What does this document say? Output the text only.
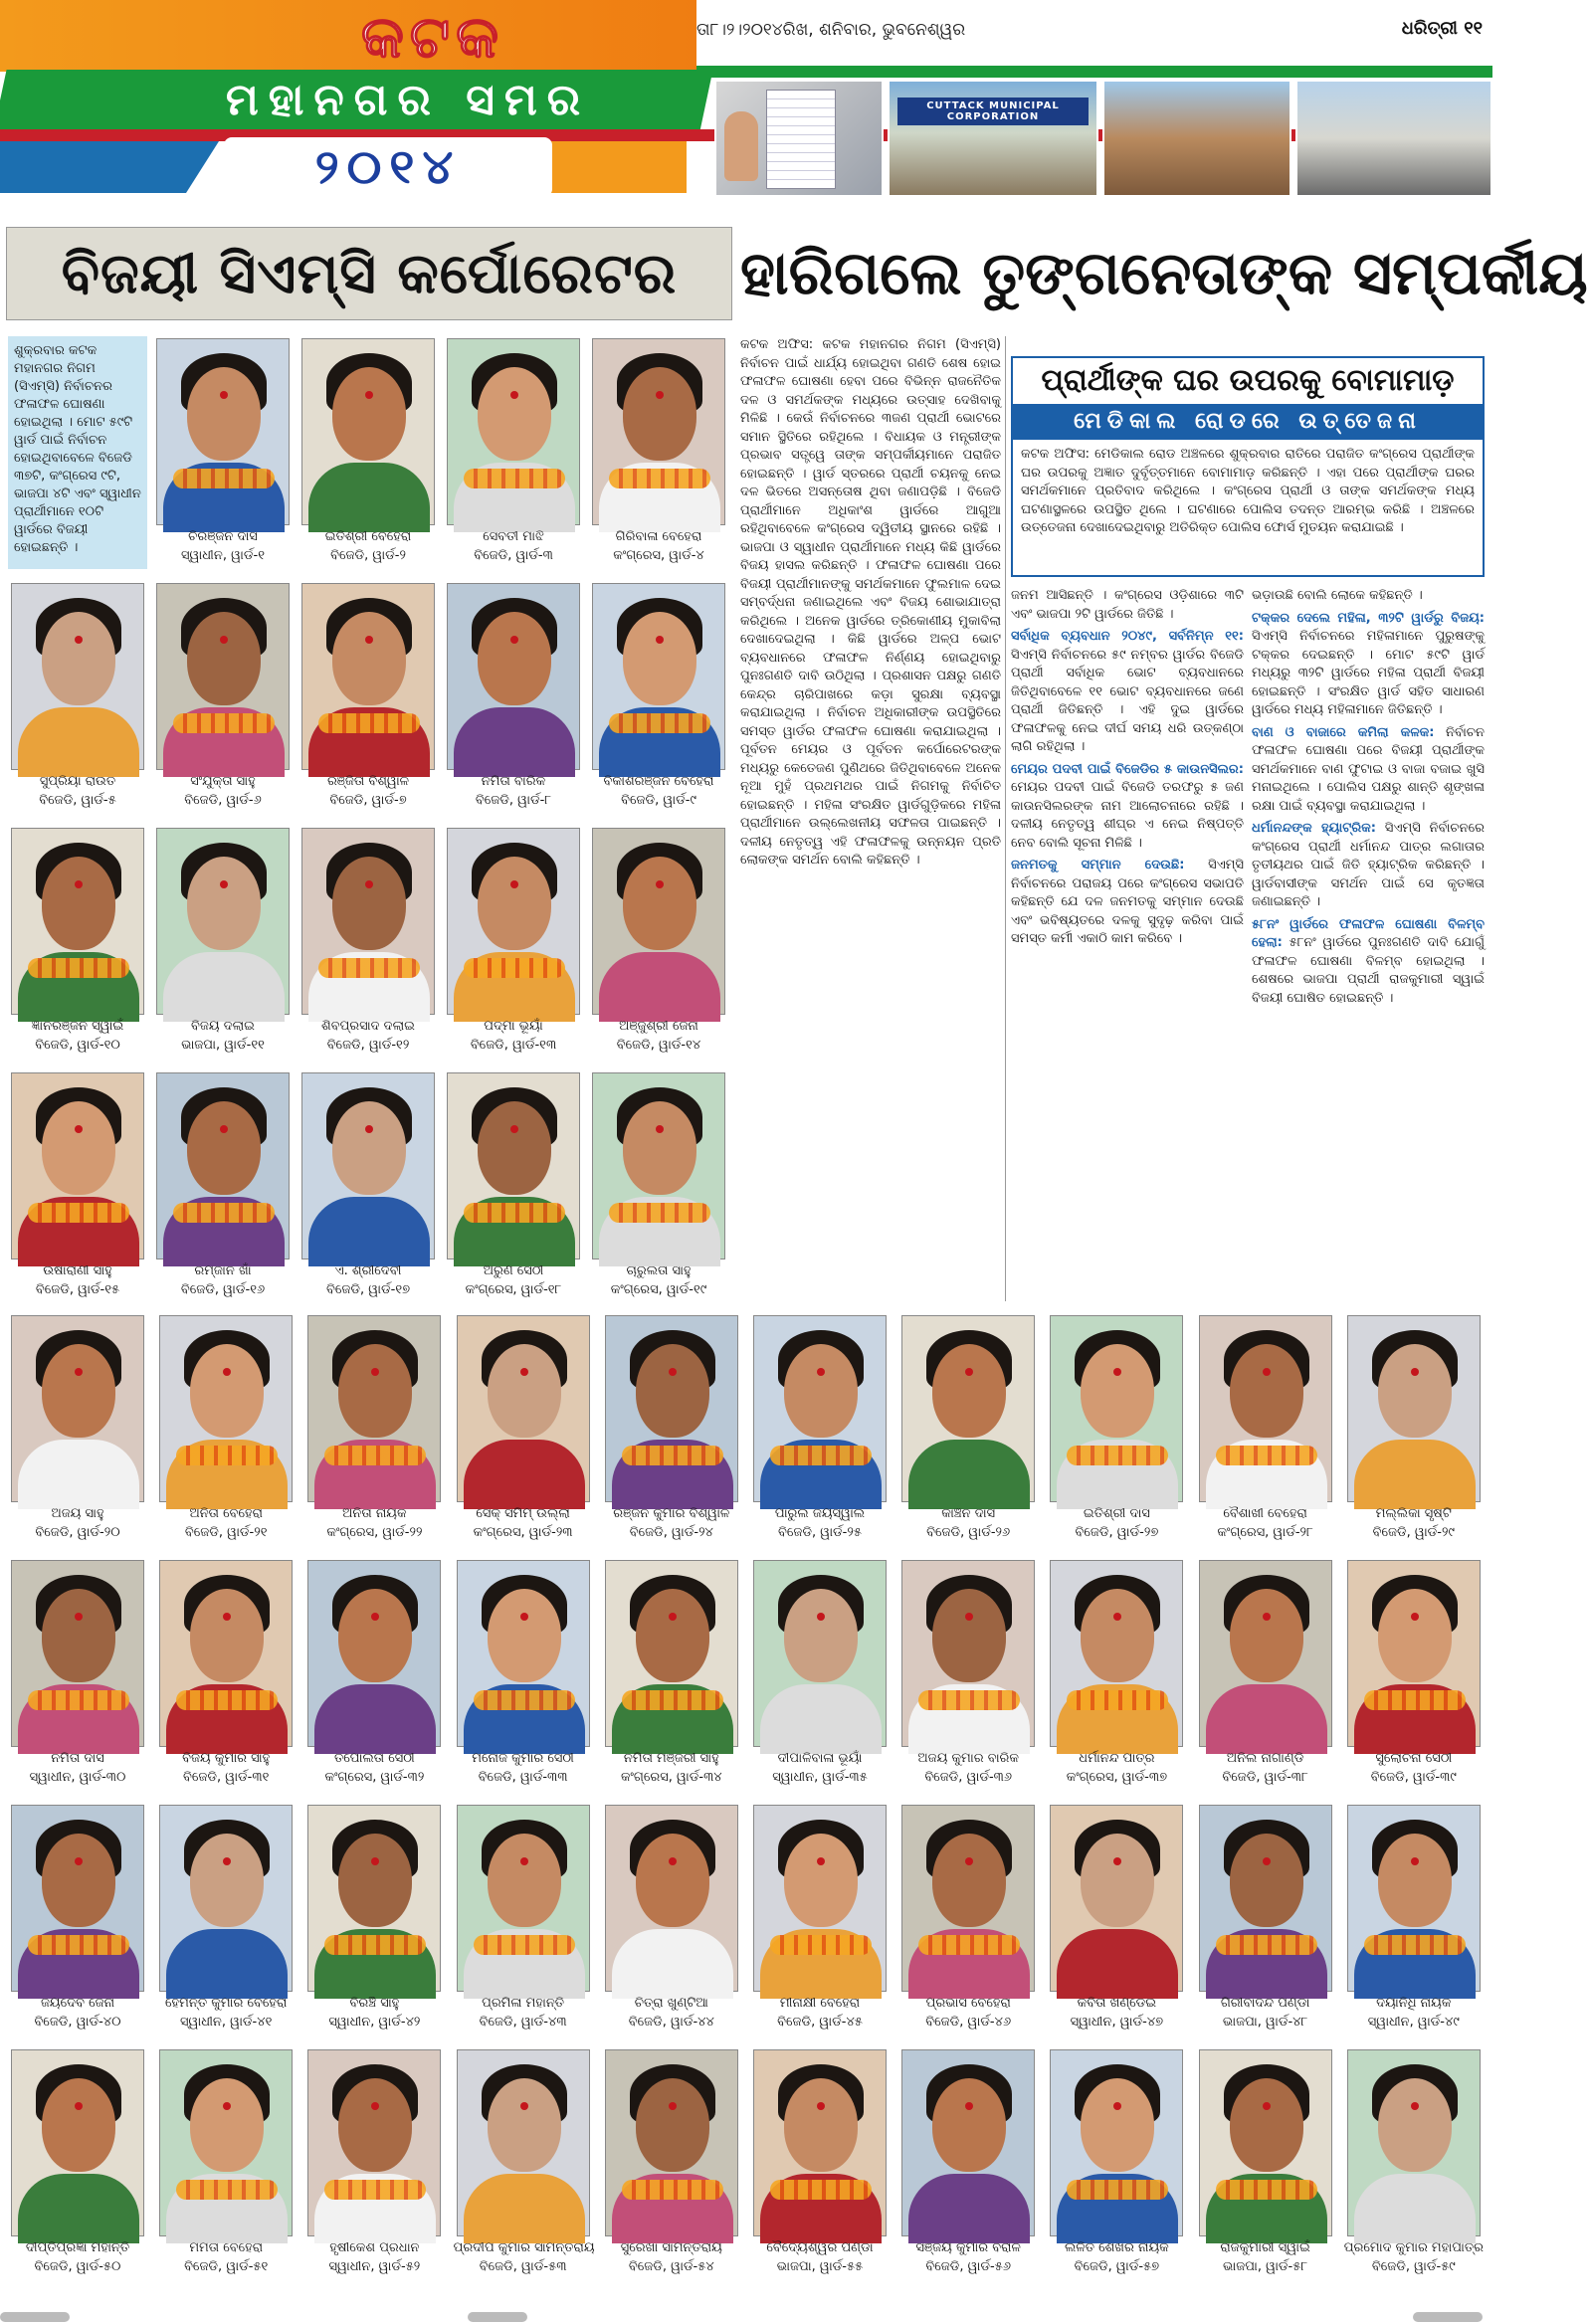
କଟକ
ମହାନଗର ସମର
୨୦୧୪
ତା୮।୨।୨୦୧୪ରିଖ, ଶନିବାର, ଭୁବନେଶ୍ୱର	ଧରିତ୍ରୀ ୧୧
CUTTACK MUNICIPAL CORPORATION
ବିଜୟୀ ସିଏମ୍‌ସି କର୍ପୋରେଟର	ହାରିଗଲେ ତୁଙ୍ଗନେତାଙ୍କ ସମ୍ପର୍କୀୟ
ଶୁକ୍ରବାର କଟକ ମହାନଗର ନିଗମ (ସିଏମ୍‌ସି) ନିର୍ବାଚନର ଫଳାଫଳ ଘୋଷଣା ହୋଇଥିଲା । ମୋଟ ୫୯ଟି ୱାର୍ଡ ପାଇଁ ନିର୍ବାଚନ ହୋଇଥିବାବେଳେ ବିଜେଡି ୩୭ଟି, କଂଗ୍ରେସ ୯ଟି, ଭାଜପା ୪ଟି ଏବଂ ସ୍ୱାଧୀନ ପ୍ରାର୍ଥୀମାନେ ୧୦ଟି ୱାର୍ଡରେ ବିଜୟୀ ହୋଇଛନ୍ତି ।
ଚିରଞ୍ଜନ ଦାସ
ସ୍ୱାଧୀନ, ୱାର୍ଡ-୧
ଇତିଶ୍ରୀ ବେହେରା
ବିଜେଡି, ୱାର୍ଡ-୨
ସେବତୀ ମାଝି
ବିଜେଡି, ୱାର୍ଡ-୩
ଗିରିବାଳା ବେହେରା
କଂଗ୍ରେସ, ୱାର୍ଡ-୪
ସୁପ୍ରିୟା ରାଉତ
ବିଜେଡି, ୱାର୍ଡ-୫
ସଂଯୁକ୍ତା ସାହୁ
ବିଜେଡି, ୱାର୍ଡ-୬
ରଞ୍ଜିତା ବିଶ୍ୱାଳ
ବିଜେଡି, ୱାର୍ଡ-୭
ନମିତା ବାରିକ
ବିଜେଡି, ୱାର୍ଡ-୮
ବିକାଶରଞ୍ଜନ ବେହେରା
ବିଜେଡି, ୱାର୍ଡ-୯
ଜ୍ଞାନରଞ୍ଜନ ସ୍ୱାଇଁ
ବିଜେଡି, ୱାର୍ଡ-୧୦
ବିଜୟ ଦଲାଇ
ଭାଜପା, ୱାର୍ଡ-୧୧
ଶିବପ୍ରସାଦ ଦଲାଇ
ବିଜେଡି, ୱାର୍ଡ-୧୨
ପଦ୍ମା ଭୂୟାଁ
ବିଜେଡି, ୱାର୍ଡ-୧୩
ଅଞ୍ଜୁଶ୍ରୀ ଜେନା
ବିଜେଡି, ୱାର୍ଡ-୧୪
ଉଷାରାଣୀ ସାହୁ
ବିଜେଡି, ୱାର୍ଡ-୧୫
ରମ୍‌ଜାନ ଖାଁ
ବିଜେଡି, ୱାର୍ଡ-୧୬
ଏ. ଶ୍ରୀଦେବୀ
ବିଜେଡି, ୱାର୍ଡ-୧୭
ଅରୁଣ ସେଠୀ
କଂଗ୍ରେସ, ୱାର୍ଡ-୧୮
ଚାରୁଲତା ସାହୁ
କଂଗ୍ରେସ, ୱାର୍ଡ-୧୯
ଅଜୟ ସାହୁ
ବିଜେଡି, ୱାର୍ଡ-୨୦
ଅନିତା ବେହେରା
ବିଜେଡି, ୱାର୍ଡ-୨୧
ଅନିତା ନାୟକ
କଂଗ୍ରେସ, ୱାର୍ଡ-୨୨
ସେକ୍ ସମିମ୍ ଉଲ୍ଲା
କଂଗ୍ରେସ, ୱାର୍ଡ-୨୩
ରଞ୍ଜନ କୁମାର ବିଶ୍ୱାଳ
ବିଜେଡି, ୱାର୍ଡ-୨୪
ପାରୁଲ ଜୟସ୍ୱାଲ
ବିଜେଡି, ୱାର୍ଡ-୨୫
କାଞ୍ଚନ ଦାସ
ବିଜେଡି, ୱାର୍ଡ-୨୬
ଇତିଶ୍ରୀ ଦାସ
ବିଜେଡି, ୱାର୍ଡ-୨୭
ବୈଶାଖୀ ବେହେରା
କଂଗ୍ରେସ, ୱାର୍ଡ-୨୮
ମଲ୍ଲିକା ସୃଷ୍ଟି
ବିଜେଡି, ୱାର୍ଡ-୨୯
ନମିତା ଦାସ
ସ୍ୱାଧୀନ, ୱାର୍ଡ-୩୦
ବିଜୟ କୁମାର ସାହୁ
ବିଜେଡି, ୱାର୍ଡ-୩୧
ତପୋଲତା ସେଠୀ
କଂଗ୍ରେସ, ୱାର୍ଡ-୩୨
ମନୋଜ କୁମାର ସେଠୀ
ବିଜେଡି, ୱାର୍ଡ-୩୩
ନମିତା ମଞ୍ଜରୀ ସାହୁ
କଂଗ୍ରେସ, ୱାର୍ଡ-୩୪
ଦୀପାଳିବାଳା ଭୂୟାଁ
ସ୍ୱାଧୀନ, ୱାର୍ଡ-୩୫
ଅଜୟ କୁମାର ବାରିକ
ବିଜେଡି, ୱାର୍ଡ-୩୬
ଧର୍ମାନନ୍ଦ ପାତ୍ର
କଂଗ୍ରେସ, ୱାର୍ଡ-୩୭
ଅନିଲ ନାଗାଣ୍ଡି
ବିଜେଡି, ୱାର୍ଡ-୩୮
ସୁଲୋଚନା ସେଠୀ
ବିଜେଡି, ୱାର୍ଡ-୩୯
ଜୟଦେବ ଜେନା
ବିଜେଡି, ୱାର୍ଡ-୪୦
ହେମନ୍ତ କୁମାର ବେହେରା
ସ୍ୱାଧୀନ, ୱାର୍ଡ-୪୧
ବିରଞ୍ଚି ସାହୁ
ସ୍ୱାଧୀନ, ୱାର୍ଡ-୪୨
ପ୍ରମିଳା ମହାନ୍ତି
ବିଜେଡି, ୱାର୍ଡ-୪୩
ଚିତ୍ରା ଖୁଣ୍ଟିଆ
ବିଜେଡି, ୱାର୍ଡ-୪୪
ମୀନାକ୍ଷୀ ବେହେରା
ବିଜେଡି, ୱାର୍ଡ-୪୫
ପ୍ରଭାସ ବେହେରା
ବିଜେଡି, ୱାର୍ଡ-୪୬
କବିତା ଖଣ୍ଡେଇ
ସ୍ୱାଧୀନ, ୱାର୍ଡ-୪୭
ଗିରୀବାଦନ୍ଦ ପଣ୍ଡା
ଭାଜପା, ୱାର୍ଡ-୪୮
ଦୟାନିଧି ନାୟକ
ସ୍ୱାଧୀନ, ୱାର୍ଡ-୪୯
ଦୀପ୍ତିପ୍ରଜ୍ଞା ମହାନ୍ତି
ବିଜେଡି, ୱାର୍ଡ-୫୦
ମମତା ବେହେରା
ବିଜେଡି, ୱାର୍ଡ-୫୧
ହୃଷୀକେଶ ପ୍ରଧାନ
ସ୍ୱାଧୀନ, ୱାର୍ଡ-୫୨
ପ୍ରଦୀପ କୁମାର ସାମନ୍ତରାୟ
ବିଜେଡି, ୱାର୍ଡ-୫୩
ସୁରେଖା ସାମନ୍ତରାୟ
ବିଜେଡି, ୱାର୍ଡ-୫୪
ବୈଦ୍ୟେଶ୍ୱର ପଣ୍ଡା
ଭାଜପା, ୱାର୍ଡ-୫୫
ସଞ୍ଜୟ କୁମାର ବରାଳ
ବିଜେଡି, ୱାର୍ଡ-୫୬
ଲଳିତ ଶେଖର ନାୟକ
ବିଜେଡି, ୱାର୍ଡ-୫୭
ରାଜକୁମାରୀ ସ୍ୱାଇଁ
ଭାଜପା, ୱାର୍ଡ-୫୮
ପ୍ରମୋଦ କୁମାର ମହାପାତ୍ର
ବିଜେଡି, ୱାର୍ଡ-୫୯

କଟକ ଅଫିସ: କଟକ ମହାନଗର ନିଗମ (ସିଏମ୍‌ସି) ନିର୍ବାଚନ ପାଇଁ ଧାର୍ଯ୍ୟ ହୋଇଥିବା ଗଣତି ଶେଷ ହୋଇ ଫଳାଫଳ ଘୋଷଣା ହେବା ପରେ ବିଭିନ୍ନ ରାଜନୈତିକ ଦଳ ଓ ସମର୍ଥକଙ୍କ ମଧ୍ୟରେ ଉତ୍ସାହ ଦେଖିବାକୁ ମିଳିଛି । କେଉଁ ନିର୍ବାଚନରେ ୩ଜଣ ପ୍ରାର୍ଥୀ ଭୋଟରେ ସମାନ ସ୍ଥିତିରେ ରହିଥିଲେ । ବିଧାୟକ ଓ ମନ୍ତ୍ରୀଙ୍କ ପ୍ରଭାବ ସତ୍ତ୍ୱେ ତାଙ୍କ ସମ୍ପର୍କୀୟମାନେ ପରାଜିତ ହୋଇଛନ୍ତି । ୱାର୍ଡ ସ୍ତରରେ ପ୍ରାର୍ଥୀ ଚୟନକୁ ନେଇ ଦଳ ଭିତରେ ଅସନ୍ତୋଷ ଥିବା ଜଣାପଡ଼ିଛି । ବିଜେଡି ପ୍ରାର୍ଥୀମାନେ ଅଧିକାଂଶ ୱାର୍ଡରେ ଆଗୁଆ ରହିଥିବାବେଳେ କଂଗ୍ରେସ ଦ୍ୱିତୀୟ ସ୍ଥାନରେ ରହିଛି । ଭାଜପା ଓ ସ୍ୱାଧୀନ ପ୍ରାର୍ଥୀମାନେ ମଧ୍ୟ କିଛି ୱାର୍ଡରେ ବିଜୟ ହାସଲ କରିଛନ୍ତି । ଫଳାଫଳ ଘୋଷଣା ପରେ ବିଜୟୀ ପ୍ରାର୍ଥୀମାନଙ୍କୁ ସମର୍ଥକମାନେ ଫୁଲମାଳ ଦେଇ ସମ୍ବର୍ଦ୍ଧନା ଜଣାଇଥିଲେ ଏବଂ ବିଜୟ ଶୋଭାଯାତ୍ରା କରିଥିଲେ । ଅନେକ ୱାର୍ଡରେ ତ୍ରିକୋଣୀୟ ମୁକାବିଲା ଦେଖାଦେଇଥିଲା । କିଛି ୱାର୍ଡରେ ଅଳ୍ପ ଭୋଟ ବ୍ୟବଧାନରେ ଫଳାଫଳ ନିର୍ଣ୍ଣୟ ହୋଇଥିବାରୁ ପୁନଃଗଣତି ଦାବି ଉଠିଥିଲା । ପ୍ରଶାସନ ପକ୍ଷରୁ ଗଣତି କେନ୍ଦ୍ର ଚାରିପାଖରେ କଡ଼ା ସୁରକ୍ଷା ବ୍ୟବସ୍ଥା କରାଯାଇଥିଲା । ନିର୍ବାଚନ ଅଧିକାରୀଙ୍କ ଉପସ୍ଥିତିରେ ସମସ୍ତ ୱାର୍ଡର ଫଳାଫଳ ଘୋଷଣା କରାଯାଇଥିଲା । ପୂର୍ବତନ ମେୟର ଓ ପୂର୍ବତନ କର୍ପୋରେଟରଙ୍କ ମଧ୍ୟରୁ କେତେଜଣ ପୁଣିଥରେ ଜିତିଥିବାବେଳେ ଅନେକ ନୂଆ ମୁହଁ ପ୍ରଥମଥର ପାଇଁ ନିଗମକୁ ନିର୍ବାଚିତ ହୋଇଛନ୍ତି । ମହିଳା ସଂରକ୍ଷିତ ୱାର୍ଡଗୁଡ଼ିକରେ ମହିଳା ପ୍ରାର୍ଥୀମାନେ ଉଲ୍ଲେଖନୀୟ ସଫଳତା ପାଇଛନ୍ତି । ଦଳୀୟ ନେତୃତ୍ୱ ଏହି ଫଳାଫଳକୁ ଉନ୍ନୟନ ପ୍ରତି ଲୋକଙ୍କ ସମର୍ଥନ ବୋଲି କହିଛନ୍ତି ।

ପ୍ରାର୍ଥୀଙ୍କ ଘର ଉପରକୁ ବୋମାମାଡ଼
ମେଡିକାଲ ରୋଡରେ ଉତ୍ତେଜନା
କଟକ ଅଫିସ: ମେଡିକାଲ ରୋଡ ଅଞ୍ଚଳରେ ଶୁକ୍ରବାର ରାତିରେ ପରାଜିତ କଂଗ୍ରେସ ପ୍ରାର୍ଥୀଙ୍କ ଘର ଉପରକୁ ଅଜ୍ଞାତ ଦୁର୍ବୃତ୍ତମାନେ ବୋମାମାଡ଼ କରିଛନ୍ତି । ଏହା ପରେ ପ୍ରାର୍ଥୀଙ୍କ ଘରର ସମର୍ଥକମାନେ ପ୍ରତିବାଦ କରିଥିଲେ । କଂଗ୍ରେସ ପ୍ରାର୍ଥୀ ଓ ତାଙ୍କ ସମର୍ଥକଙ୍କ ମଧ୍ୟ ଘଟଣାସ୍ଥଳରେ ଉପସ୍ଥିତ ଥିଲେ । ଘଟଣାରେ ପୋଲିସ ତଦନ୍ତ ଆରମ୍ଭ କରିଛି । ଅଞ୍ଚଳରେ ଉତ୍ତେଜନା ଦେଖାଦେଇଥିବାରୁ ଅତିରିକ୍ତ ପୋଲିସ ଫୋର୍ସ ମୁତୟନ କରାଯାଇଛି ।

ଜନମ ଆସିଛନ୍ତି । କଂଗ୍ରେସ ଓଡ଼ିଶାରେ ୩ଟି ଏବଂ ଭାଜପା ୨ଟି ୱାର୍ଡରେ ଜିତିଛି ।

ସର୍ବାଧିକ ବ୍ୟବଧାନ ୨୦୪୯, ସର୍ବନିମ୍ନ ୧୧: ସିଏମ୍‌ସି ନିର୍ବାଚନରେ ୫୯ ନମ୍ବର ୱାର୍ଡର ବିଜେଡି ପ୍ରାର୍ଥୀ ସର୍ବାଧିକ ଭୋଟ ବ୍ୟବଧାନରେ ଜିତିଥିବାବେଳେ ୧୧ ଭୋଟ ବ୍ୟବଧାନରେ ଜଣେ ପ୍ରାର୍ଥୀ ଜିତିଛନ୍ତି । ଏହି ଦୁଇ ୱାର୍ଡରେ ଫଳାଫଳକୁ ନେଇ ଦୀର୍ଘ ସମୟ ଧରି ଉତ୍କଣ୍ଠା ଲାଗି ରହିଥିଲା ।

ମେୟର ପଦବୀ ପାଇଁ ବିଜେଡିର ୫ କାଉନସିଲର: ମେୟର ପଦବୀ ପାଇଁ ବିଜେଡି ତରଫରୁ ୫ ଜଣ କାଉନସିଲରଙ୍କ ନାମ ଆଲୋଚନାରେ ରହିଛି । ଦଳୀୟ ନେତୃତ୍ୱ ଶୀଘ୍ର ଏ ନେଇ ନିଷ୍ପତ୍ତି ନେବ ବୋଲି ସୂଚନା ମିଳିଛି ।

ଜନମତକୁ ସମ୍ମାନ ଦେଉଛି: ସିଏମ୍‌ସି ନିର୍ବାଚନରେ ପରାଜୟ ପରେ କଂଗ୍ରେସ ସଭାପତି କହିଛନ୍ତି ଯେ ଦଳ ଜନମତକୁ ସମ୍ମାନ ଦେଉଛି ଏବଂ ଭବିଷ୍ୟତରେ ଦଳକୁ ସୁଦୃଢ଼ କରିବା ପାଇଁ ସମସ୍ତ କର୍ମୀ ଏକାଠି କାମ କରିବେ ।

ଭଡ଼ାଉଛି ବୋଲି ଲୋକେ କହିଛନ୍ତି ।

ଟକ୍କର ଦେଲେ ମହିଳା, ୩୨ଟି ୱାର୍ଡରୁ ବିଜୟ: ସିଏମ୍‌ସି ନିର୍ବାଚନରେ ମହିଳାମାନେ ପୁରୁଷଙ୍କୁ ଟକ୍କର ଦେଇଛନ୍ତି । ମୋଟ ୫୯ଟି ୱାର୍ଡ ମଧ୍ୟରୁ ୩୨ଟି ୱାର୍ଡରେ ମହିଳା ପ୍ରାର୍ଥୀ ବିଜୟୀ ହୋଇଛନ୍ତି । ସଂରକ୍ଷିତ ୱାର୍ଡ ସହିତ ସାଧାରଣ ୱାର୍ଡରେ ମଧ୍ୟ ମହିଳାମାନେ ଜିତିଛନ୍ତି ।

ବାଣ ଓ ବାଜାରେ କମିଲା କଳକ: ନିର୍ବାଚନ ଫଳାଫଳ ଘୋଷଣା ପରେ ବିଜୟୀ ପ୍ରାର୍ଥୀଙ୍କ ସମର୍ଥକମାନେ ବାଣ ଫୁଟାଇ ଓ ବାଜା ବଜାଇ ଖୁସି ମନାଇଥିଲେ । ପୋଲିସ ପକ୍ଷରୁ ଶାନ୍ତି ଶୃଙ୍ଖଳା ରକ୍ଷା ପାଇଁ ବ୍ୟବସ୍ଥା କରାଯାଇଥିଲା ।

ଧର୍ମାନନ୍ଦଙ୍କ ହ୍ୟାଟ୍ରିକ: ସିଏମ୍‌ସି ନିର୍ବାଚନରେ କଂଗ୍ରେସ ପ୍ରାର୍ଥୀ ଧର୍ମାନନ୍ଦ ପାତ୍ର ଲଗାତାର ତୃତୀୟଥର ପାଇଁ ଜିତି ହ୍ୟାଟ୍ରିକ କରିଛନ୍ତି । ୱାର୍ଡବାସୀଙ୍କ ସମର୍ଥନ ପାଇଁ ସେ କୃତଜ୍ଞତା ଜଣାଇଛନ୍ତି ।

୫୮ନଂ ୱାର୍ଡରେ ଫଳାଫଳ ଘୋଷଣା ବିଳମ୍ବ ହେଲା: ୫୮ନଂ ୱାର୍ଡରେ ପୁନଃଗଣତି ଦାବି ଯୋଗୁଁ ଫଳାଫଳ ଘୋଷଣା ବିଳମ୍ବ ହୋଇଥିଲା । ଶେଷରେ ଭାଜପା ପ୍ରାର୍ଥୀ ରାଜକୁମାରୀ ସ୍ୱାଇଁ ବିଜୟୀ ଘୋଷିତ ହୋଇଛନ୍ତି ।
